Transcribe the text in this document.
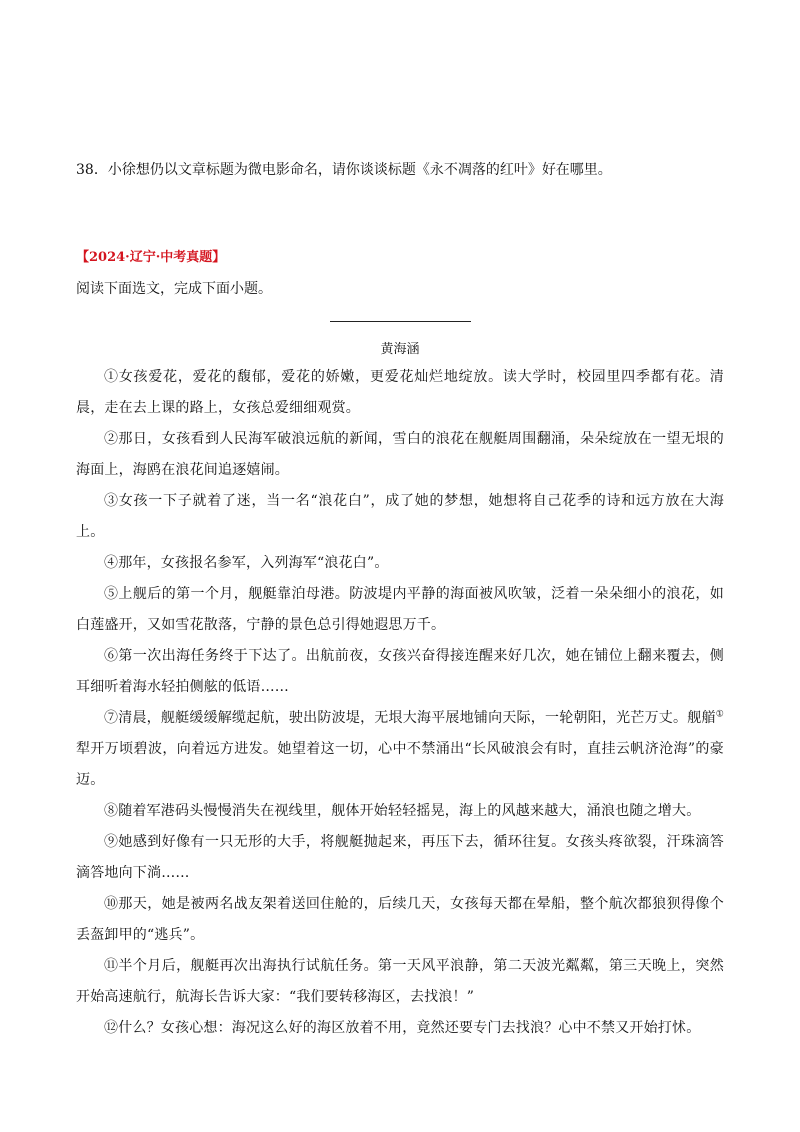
38．小徐想仍以文章标题为微电影命名，请你谈谈标题《永不凋落的红叶》好在哪里。
【2024·辽宁·中考真题】
阅读下面选文，完成下面小题。
黄海涵

①女孩爱花，爱花的馥郁，爱花的娇嫩，更爱花灿烂地绽放。读大学时，校园里四季都有花。清晨，走在去上课的路上，女孩总爱细细观赏。

②那日，女孩看到人民海军破浪远航的新闻，雪白的浪花在舰艇周围翻涌，朵朵绽放在一望无垠的海面上，海鸥在浪花间追逐嬉闹。

③女孩一下子就着了迷，当一名“浪花白”，成了她的梦想，她想将自己花季的诗和远方放在大海上。

④那年，女孩报名参军，入列海军“浪花白”。

⑤上舰后的第一个月，舰艇靠泊母港。防波堤内平静的海面被风吹皱，泛着一朵朵细小的浪花，如白莲盛开，又如雪花散落，宁静的景色总引得她遐思万千。

⑥第一次出海任务终于下达了。出航前夜，女孩兴奋得接连醒来好几次，她在铺位上翻来覆去，侧耳细听着海水轻拍侧舷的低语……

⑦清晨，舰艇缓缓解缆起航，驶出防波堤，无垠大海平展地铺向天际，一轮朝阳，光芒万丈。舰艏①犁开万顷碧波，向着远方进发。她望着这一切，心中不禁涌出“长风破浪会有时，直挂云帆济沧海”的豪迈。

⑧随着军港码头慢慢消失在视线里，舰体开始轻轻摇晃，海上的风越来越大，涌浪也随之增大。

⑨她感到好像有一只无形的大手，将舰艇抛起来，再压下去，循环往复。女孩头疼欲裂，汗珠滴答滴答地向下淌……

⑩那天，她是被两名战友架着送回住舱的，后续几天，女孩每天都在晕船，整个航次都狼狈得像个丢盔卸甲的“逃兵”。

⑪半个月后，舰艇再次出海执行试航任务。第一天风平浪静，第二天波光粼粼，第三天晚上，突然开始高速航行，航海长告诉大家：“我们要转移海区，去找浪！”

⑫什么？女孩心想：海况这么好的海区放着不用，竟然还要专门去找浪？心中不禁又开始打怵。
